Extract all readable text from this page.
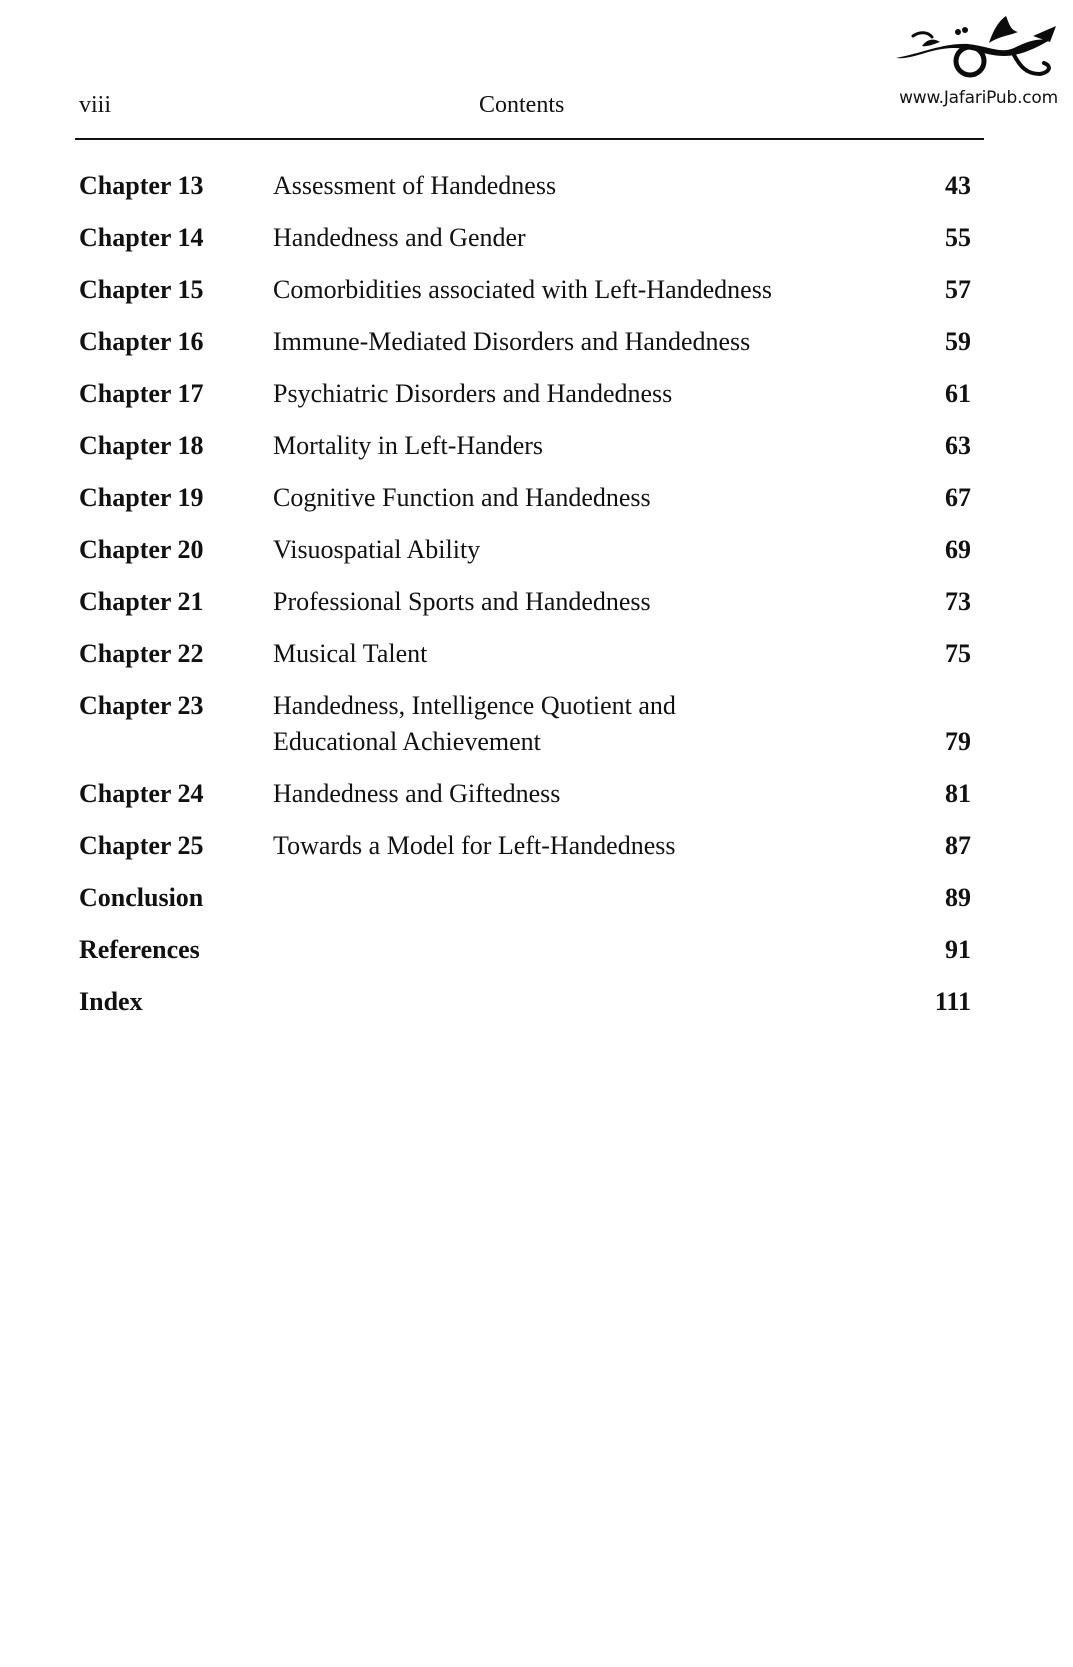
viii	Contents	www.JafariPub.com
Chapter 13	Assessment of Handedness	43
Chapter 14	Handedness and Gender	55
Chapter 15	Comorbidities associated with Left-Handedness	57
Chapter 16	Immune-Mediated Disorders and Handedness	59
Chapter 17	Psychiatric Disorders and Handedness	61
Chapter 18	Mortality in Left-Handers	63
Chapter 19	Cognitive Function and Handedness	67
Chapter 20	Visuospatial Ability	69
Chapter 21	Professional Sports and Handedness	73
Chapter 22	Musical Talent	75
Chapter 23	Handedness, Intelligence Quotient and
Educational Achievement	79
Chapter 24	Handedness and Giftedness	81
Chapter 25	Towards a Model for Left-Handedness	87
Conclusion	89
References	91
Index	111
